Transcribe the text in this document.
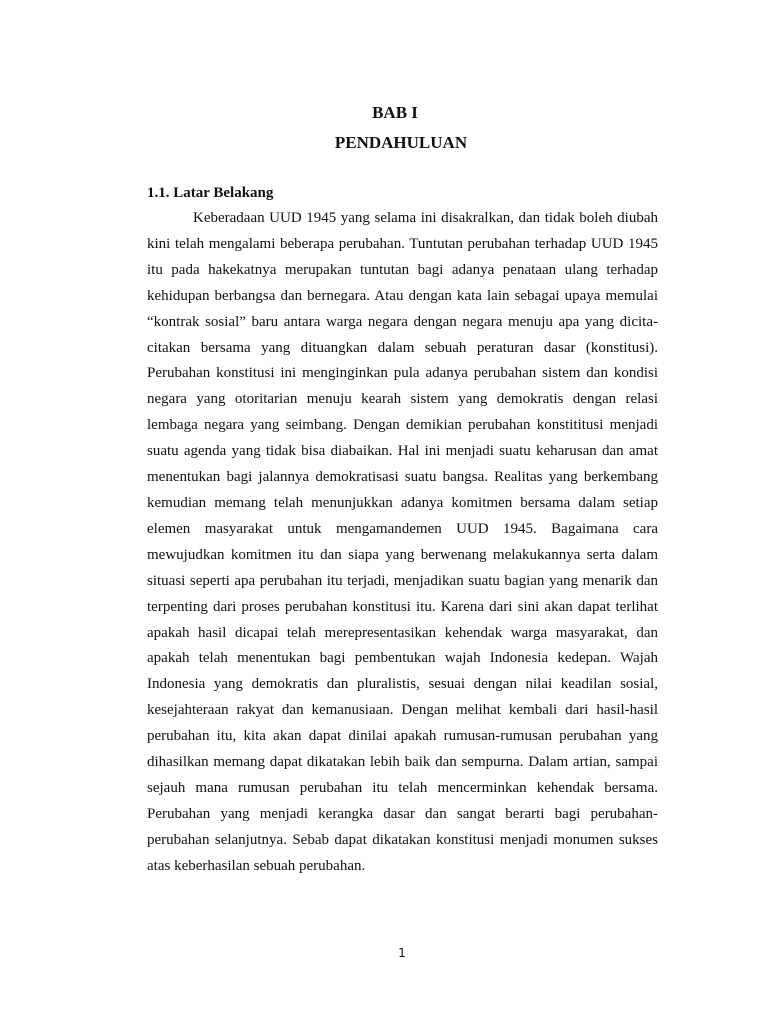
BAB I
PENDAHULUAN
1.1. Latar Belakang

Keberadaan UUD 1945 yang selama ini disakralkan, dan tidak boleh diubah kini telah mengalami beberapa perubahan. Tuntutan perubahan terhadap UUD 1945 itu pada hakekatnya merupakan tuntutan bagi adanya penataan ulang terhadap kehidupan berbangsa dan bernegara. Atau dengan kata lain sebagai upaya memulai “kontrak sosial” baru antara warga negara dengan negara menuju apa yang dicita-citakan bersama yang dituangkan dalam sebuah peraturan dasar (konstitusi). Perubahan konstitusi ini menginginkan pula adanya perubahan sistem dan kondisi negara yang otoritarian menuju kearah sistem yang demokratis dengan relasi lembaga negara yang seimbang. Dengan demikian perubahan konstititusi menjadi suatu agenda yang tidak bisa diabaikan. Hal ini menjadi suatu keharusan dan amat menentukan bagi jalannya demokratisasi suatu bangsa. Realitas yang berkembang kemudian memang telah menunjukkan adanya komitmen bersama dalam setiap elemen masyarakat untuk mengamandemen UUD 1945. Bagaimana cara mewujudkan komitmen itu dan siapa yang berwenang melakukannya serta dalam situasi seperti apa perubahan itu terjadi, menjadikan suatu bagian yang menarik dan terpenting dari proses perubahan konstitusi itu. Karena dari sini akan dapat terlihat apakah hasil dicapai telah merepresentasikan kehendak warga masyarakat, dan apakah telah menentukan bagi pembentukan wajah Indonesia kedepan. Wajah Indonesia yang demokratis dan pluralistis, sesuai dengan nilai keadilan sosial, kesejahteraan rakyat dan kemanusiaan. Dengan melihat kembali dari hasil-hasil perubahan itu, kita akan dapat dinilai apakah rumusan-rumusan perubahan yang dihasilkan memang dapat dikatakan lebih baik dan sempurna. Dalam artian, sampai sejauh mana rumusan perubahan itu telah mencerminkan kehendak bersama. Perubahan yang menjadi kerangka dasar dan sangat berarti bagi perubahan-perubahan selanjutnya. Sebab dapat dikatakan konstitusi menjadi monumen sukses atas keberhasilan sebuah perubahan.

1
